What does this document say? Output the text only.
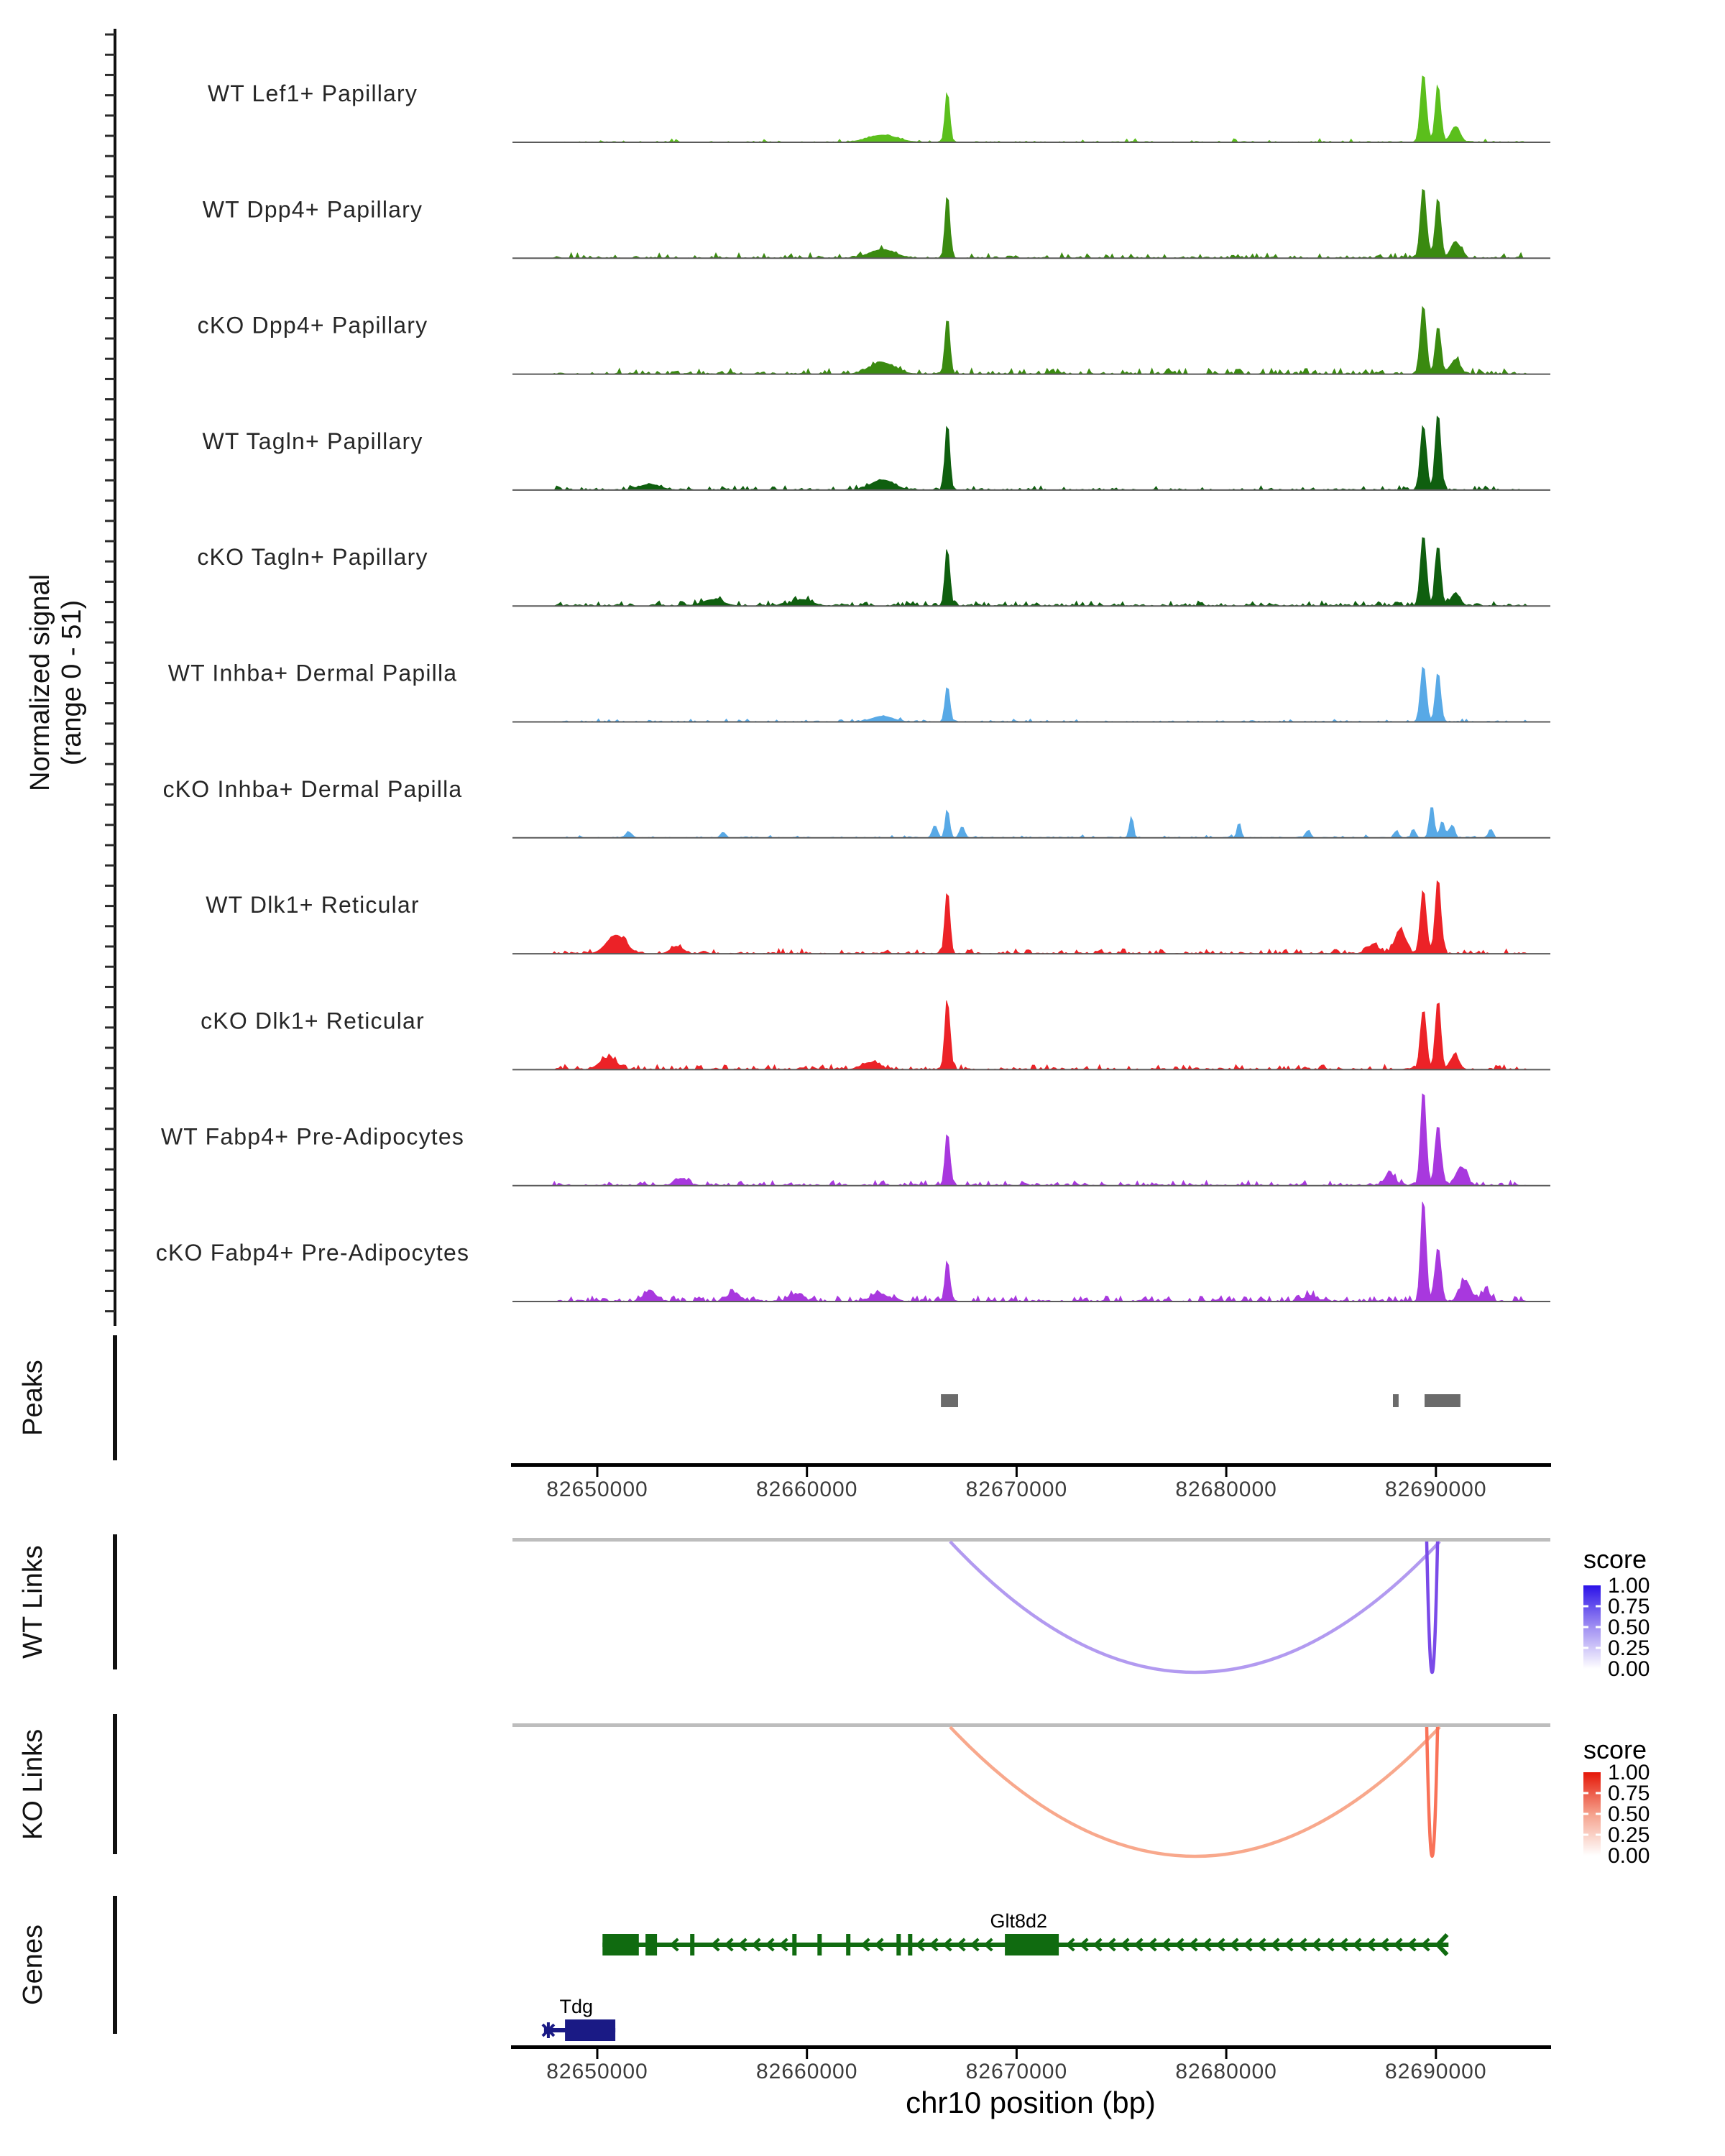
WT Lef1+ Papillary
WT Dpp4+ Papillary
cKO Dpp4+ Papillary
WT Tagln+ Papillary
cKO Tagln+ Papillary
WT Inhba+ Dermal Papilla
cKO Inhba+ Dermal Papilla
WT Dlk1+ Reticular
cKO Dlk1+ Reticular
WT Fabp4+ Pre-Adipocytes
cKO Fabp4+ Pre-Adipocytes
82650000	82660000	82670000	82680000	82690000
1.00
0.75
0.50
0.25
0.00
1.00
0.75
0.50
0.25
0.00
Glt8d2
Tdg
82650000	82660000	82670000	82680000	82690000
Normalized signal (range 0 - 51)
Peaks
WT Links
KO Links
Genes
score
score
chr10 position (bp)
